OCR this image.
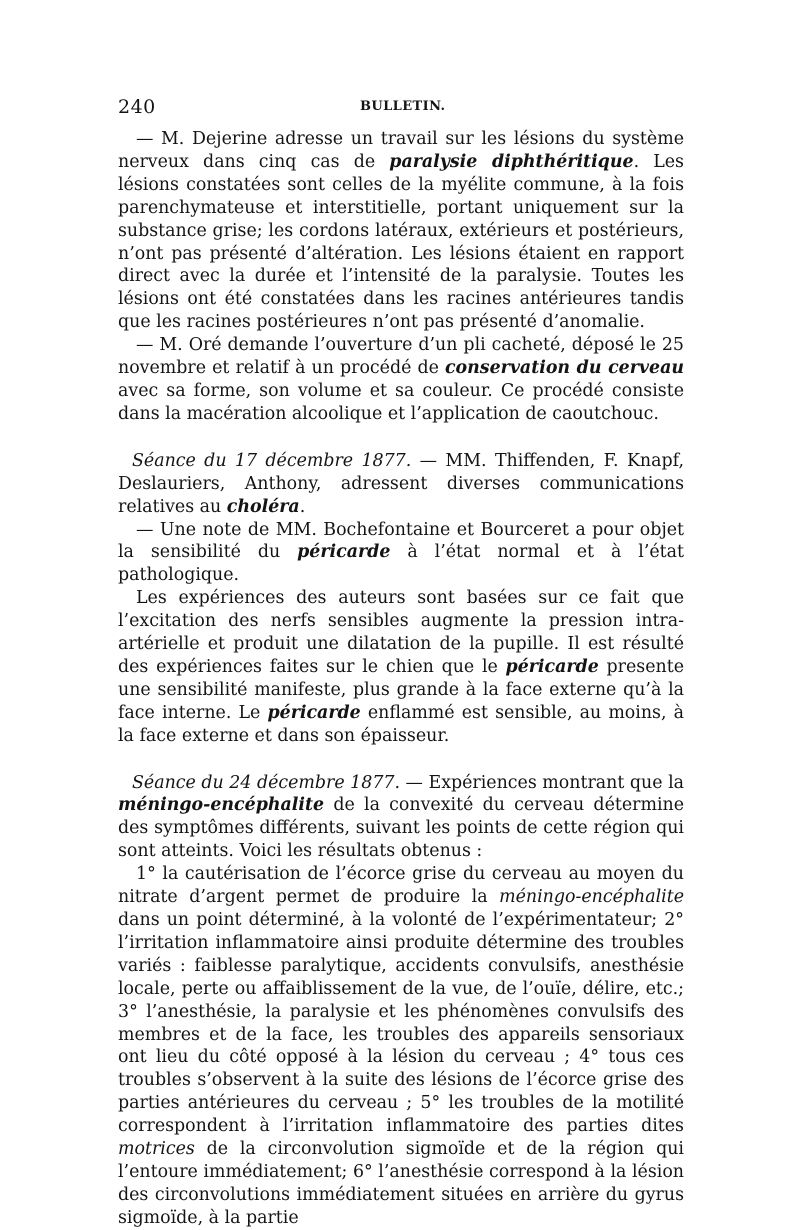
240	BULLETIN.

— M. Dejerine adresse un travail sur les lésions du système nerveux dans cinq cas de paralysie diphthéritique. Les lésions constatées sont celles de la myélite commune, à la fois parenchymateuse et interstitielle, portant uniquement sur la substance grise; les cordons latéraux, extérieurs et postérieurs, n’ont pas présenté d’altération. Les lésions étaient en rapport direct avec la durée et l’intensité de la paralysie. Toutes les lésions ont été constatées dans les racines antérieures tandis que les racines postérieures n’ont pas présenté d’anomalie.

— M. Oré demande l’ouverture d’un pli cacheté, déposé le 25 novembre et relatif à un procédé de conservation du cerveau avec sa forme, son volume et sa couleur. Ce procédé consiste dans la macération alcoolique et l’application de caoutchouc.

Séance du 17 décembre 1877. — MM. Thiffenden, F. Knapf, Deslauriers, Anthony, adressent diverses communications relatives au choléra.

— Une note de MM. Bochefontaine et Bourceret a pour objet la sensibilité du péricarde à l’état normal et à l’état pathologique.

Les expériences des auteurs sont basées sur ce fait que l’excitation des nerfs sensibles augmente la pression intra-artérielle et produit une dilatation de la pupille. Il est résulté des expériences faites sur le chien que le péricarde presente une sensibilité manifeste, plus grande à la face externe qu’à la face interne. Le péricarde enflammé est sensible, au moins, à la face externe et dans son épaisseur.

Séance du 24 décembre 1877. — Expériences montrant que la méningo-encéphalite de la convexité du cerveau détermine des symptômes différents, suivant les points de cette région qui sont atteints. Voici les résultats obtenus :

1° la cautérisation de l’écorce grise du cerveau au moyen du nitrate d’argent permet de produire la méningo-encéphalite dans un point déterminé, à la volonté de l’expérimentateur; 2° l’irritation inflammatoire ainsi produite détermine des troubles variés : faiblesse paralytique, accidents convulsifs, anesthésie locale, perte ou affaiblissement de la vue, de l’ouïe, délire, etc.; 3° l’anesthésie, la paralysie et les phénomènes convulsifs des membres et de la face, les troubles des appareils sensoriaux ont lieu du côté opposé à la lésion du cerveau ; 4° tous ces troubles s’observent à la suite des lésions de l’écorce grise des parties antérieures du cerveau ; 5° les troubles de la motilité correspondent à l’irritation inflammatoire des parties dites motrices de la circonvolution sigmoïde et de la région qui l’entoure immédiatement; 6° l’anesthésie correspond à la lésion des circonvolutions immédiatement situées en arrière du gyrus sigmoïde, à la partie
